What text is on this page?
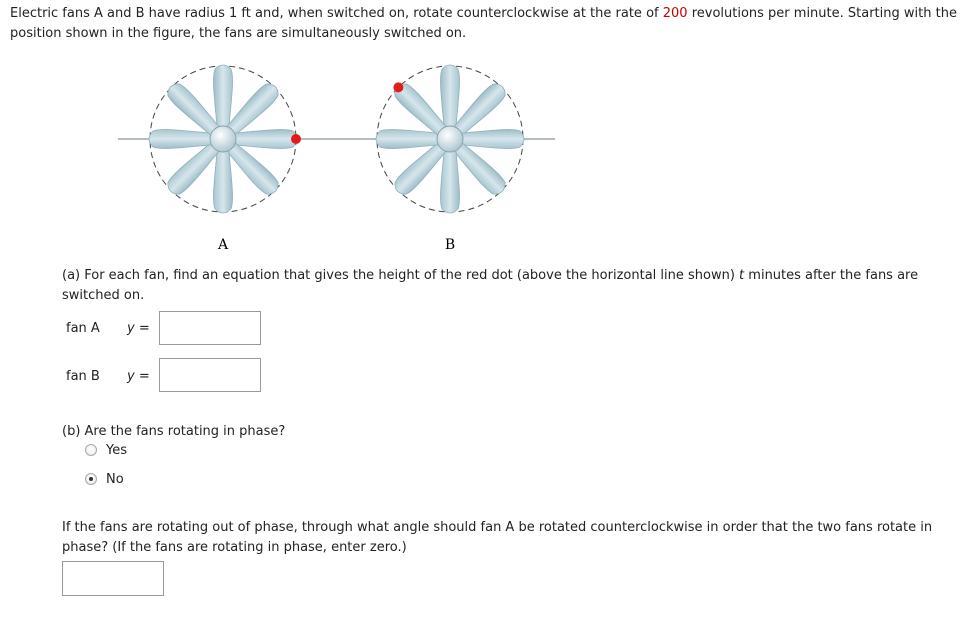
Electric fans A and B have radius 1 ft and, when switched on, rotate counterclockwise at the rate of 200 revolutions per minute. Starting with the
position shown in the figure, the fans are simultaneously switched on.
A	B
(a) For each fan, find an equation that gives the height of the red dot (above the horizontal line shown) t minutes after the fans are
switched on.
fan A y =
fan B y =
(b) Are the fans rotating in phase?
Yes
No
If the fans are rotating out of phase, through what angle should fan A be rotated counterclockwise in order that the two fans rotate in
phase? (If the fans are rotating in phase, enter zero.)
